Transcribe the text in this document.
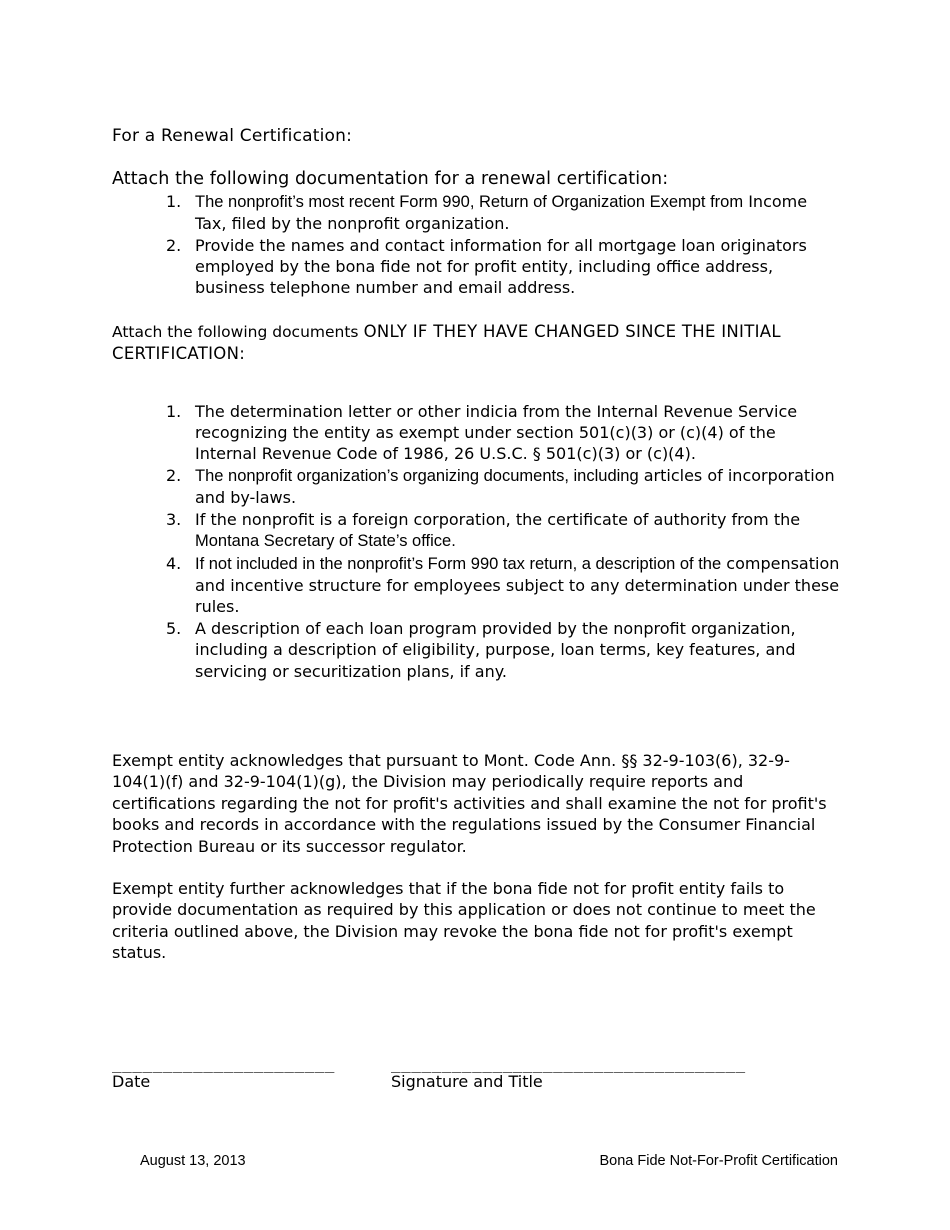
For a Renewal Certification:

Attach the following documentation for a renewal certification:

1. The nonprofit’s most recent Form 990, Return of Organization Exempt from Income Tax, filed by the nonprofit organization.
2. Provide the names and contact information for all mortgage loan originators employed by the bona fide not for profit entity, including office address, business telephone number and email address.

Attach the following documents ONLY IF THEY HAVE CHANGED SINCE THE INITIAL CERTIFICATION:

1. The determination letter or other indicia from the Internal Revenue Service recognizing the entity as exempt under section 501(c)(3) or (c)(4) of the Internal Revenue Code of 1986, 26 U.S.C. § 501(c)(3) or (c)(4).
2. The nonprofit organization’s organizing documents, including articles of incorporation and by-laws.
3. If the nonprofit is a foreign corporation, the certificate of authority from the Montana Secretary of State’s office.
4. If not included in the nonprofit’s Form 990 tax return, a description of the compensation and incentive structure for employees subject to any determination under these rules.
5. A description of each loan program provided by the nonprofit organization, including a description of eligibility, purpose, loan terms, key features, and servicing or securitization plans, if any.

Exempt entity acknowledges that pursuant to Mont. Code Ann. §§ 32-9-103(6), 32-9-104(1)(f) and 32-9-104(1)(g), the Division may periodically require reports and certifications regarding the not for profit's activities and shall examine the not for profit's books and records in accordance with the regulations issued by the Consumer Financial Protection Bureau or its successor regulator.

Exempt entity further acknowledges that if the bona fide not for profit entity fails to provide documentation as required by this application or does not continue to meet the criteria outlined above, the Division may revoke the bona fide not for profit's exempt status.

______________________
Date
___________________________________
Signature and Title
August 13, 2013	Bona Fide Not-For-Profit Certification
